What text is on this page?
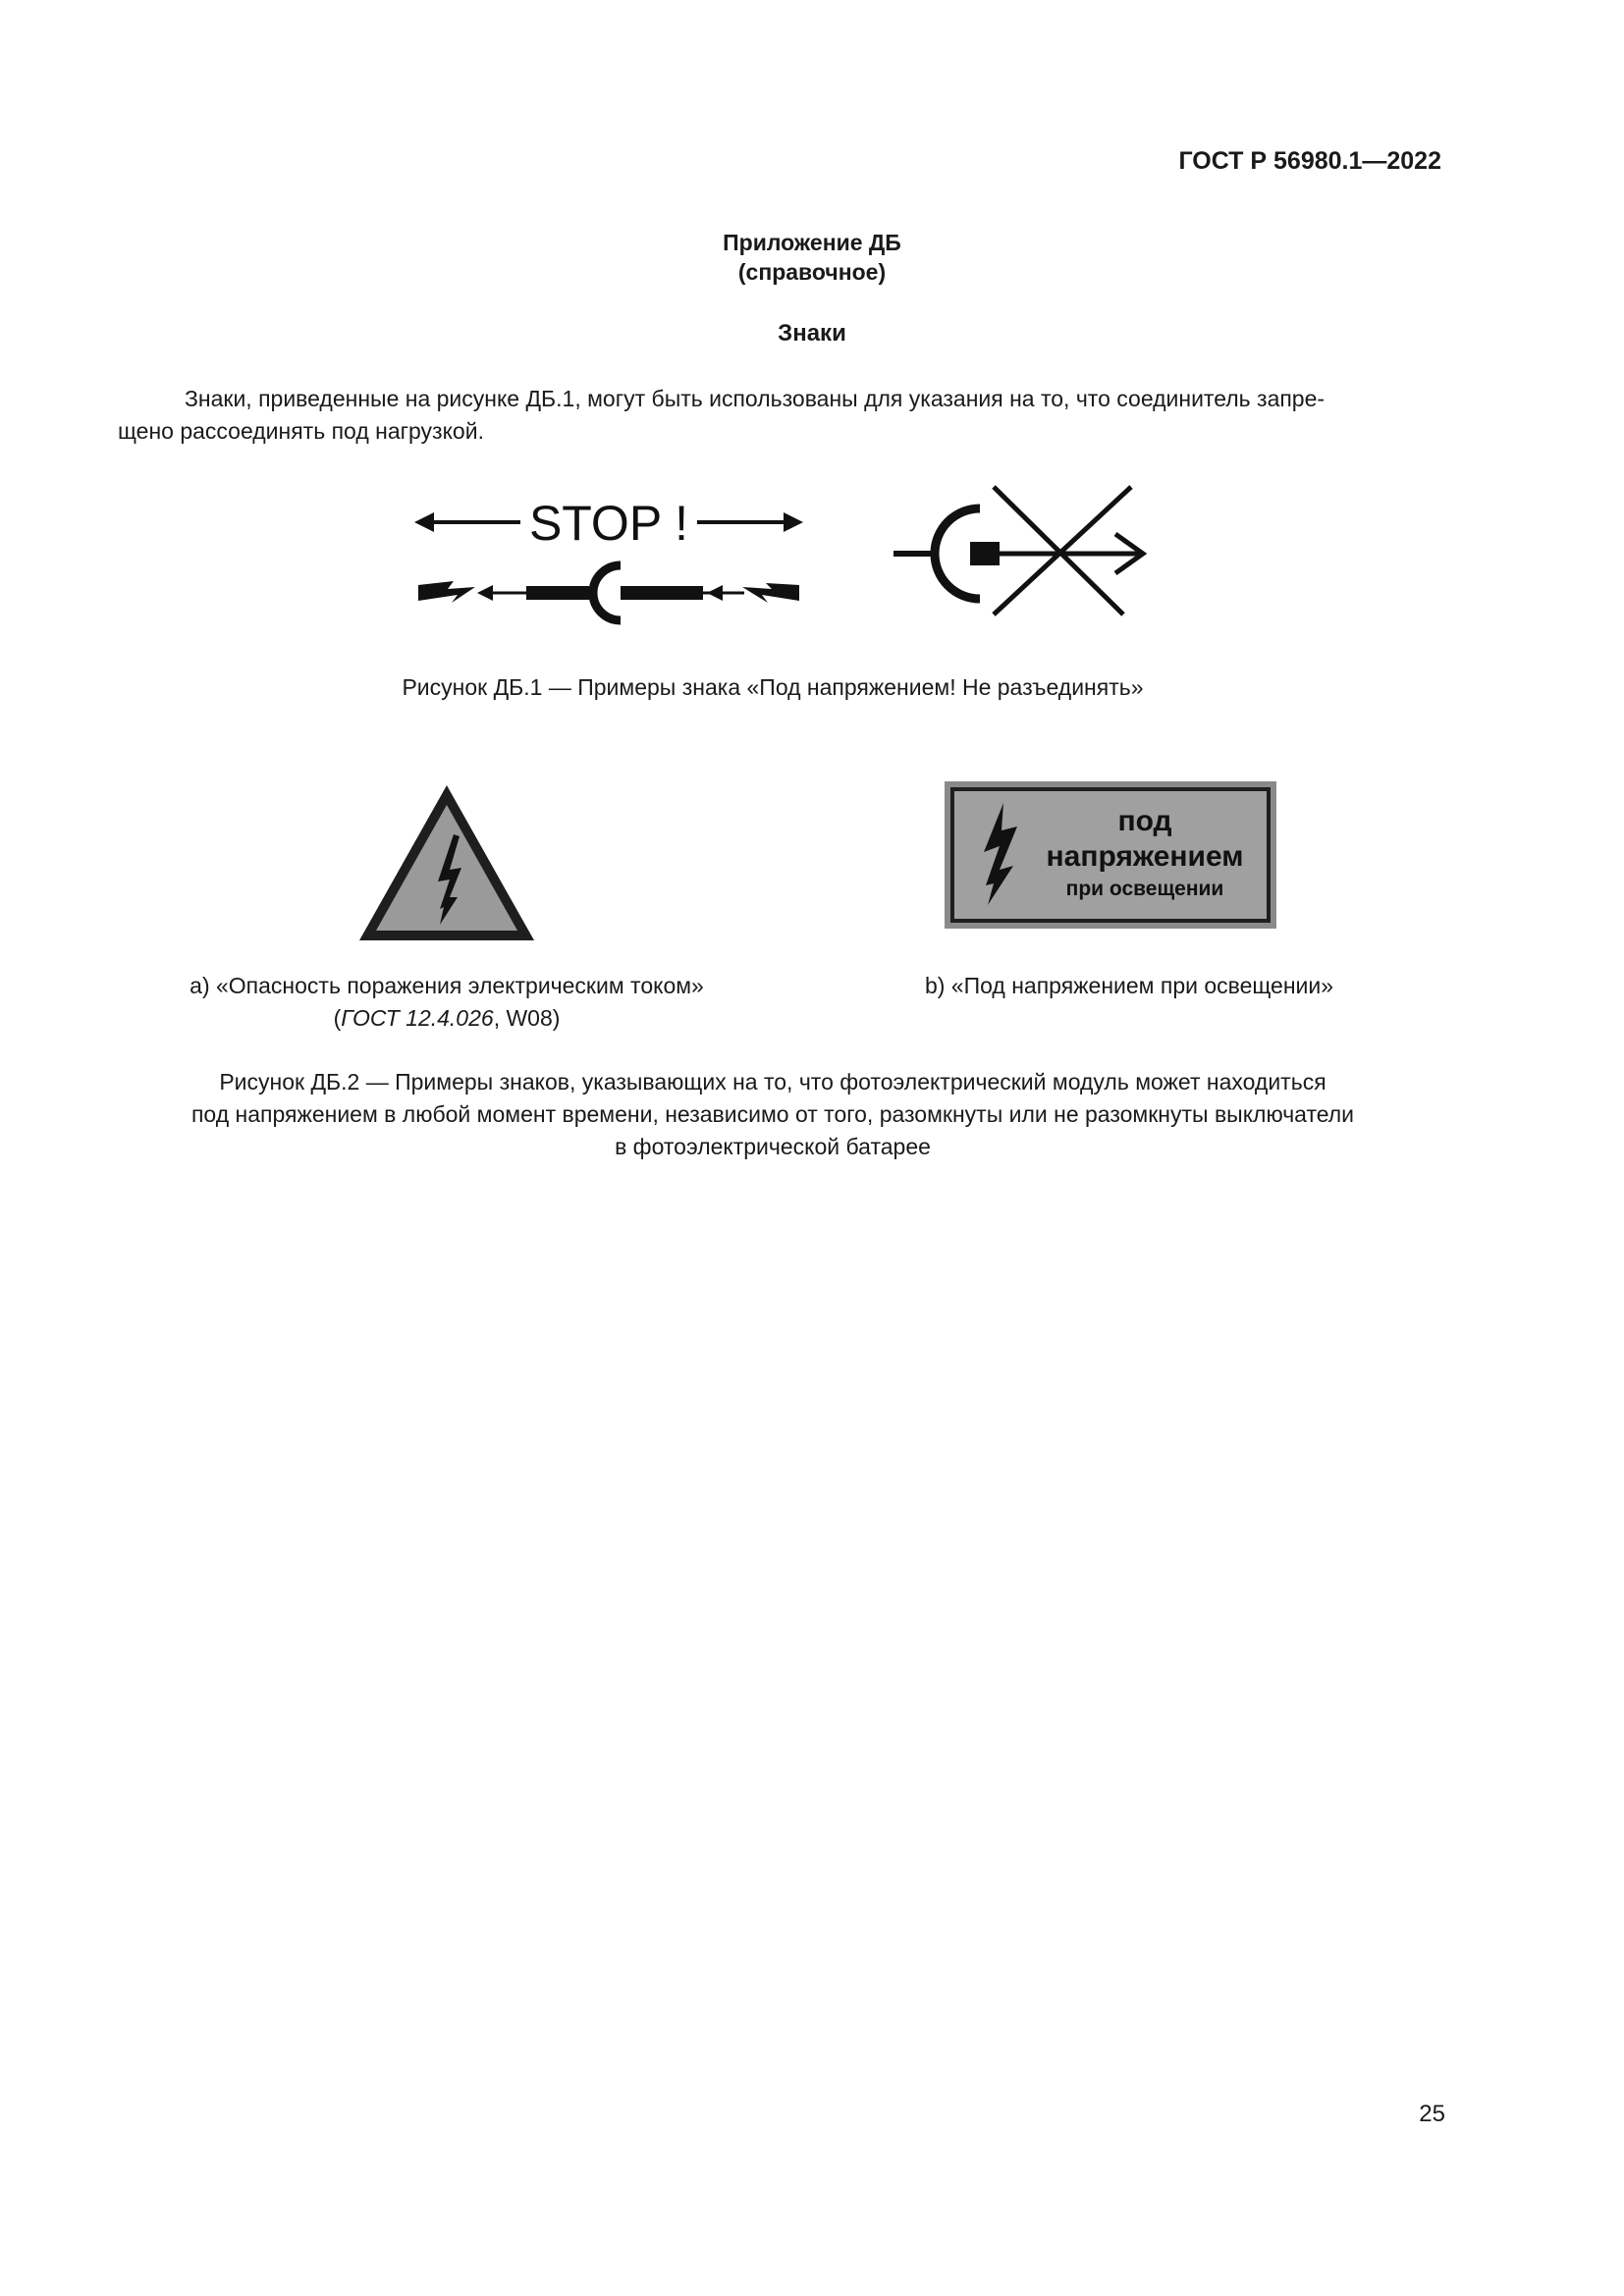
ГОСТ Р 56980.1—2022
Приложение ДБ
(справочное)
Знаки

Знаки, приведенные на рисунке ДБ.1, могут быть использованы для указания на то, что соединитель запре-

щено рассоединять под нагрузкой.

STOP !
Рисунок ДБ.1 — Примеры знака «Под напряжением! Не разъединять»
под
напряжением
при освещении
а) «Опасность поражения электрическим током»
(ГОСТ 12.4.026, W08)
b) «Под напряжением при освещении»
Рисунок ДБ.2 — Примеры знаков, указывающих на то, что фотоэлектрический модуль может находиться
под напряжением в любой момент времени, независимо от того, разомкнуты или не разомкнуты выключатели
в фотоэлектрической батарее
25
